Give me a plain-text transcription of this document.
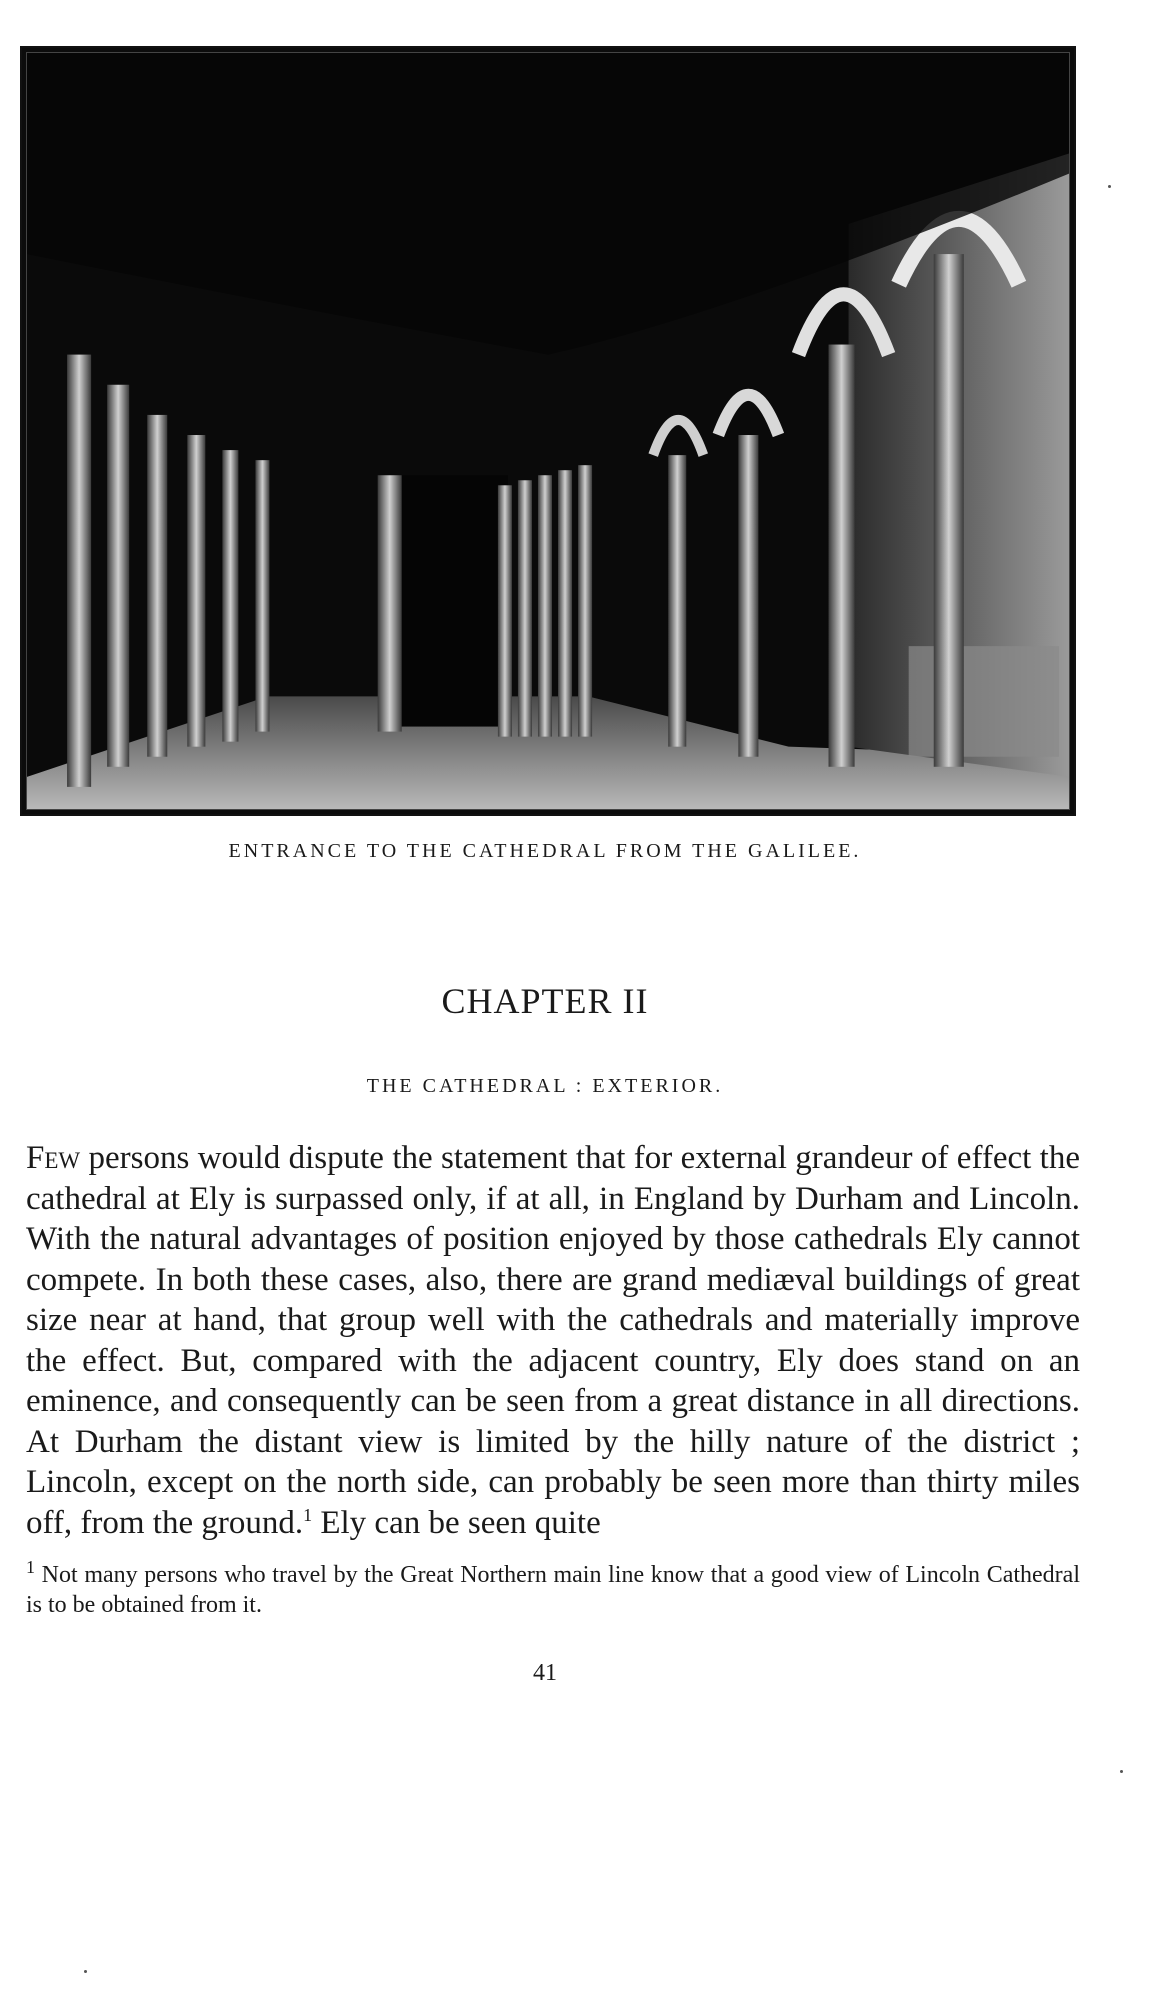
ENTRANCE TO THE CATHEDRAL FROM THE GALILEE.
CHAPTER II
THE CATHEDRAL : EXTERIOR.

Few persons would dispute the statement that for external grandeur of effect the cathedral at Ely is surpassed only, if at all, in England by Durham and Lincoln. With the natural advantages of position enjoyed by those cathedrals Ely cannot compete. In both these cases, also, there are grand mediæval buildings of great size near at hand, that group well with the cathedrals and materially improve the effect. But, compared with the adjacent country, Ely does stand on an eminence, and consequently can be seen from a great distance in all directions. At Durham the distant view is limited by the hilly nature of the district ; Lincoln, except on the north side, can probably be seen more than thirty miles off, from the ground.$^1$ Ely can be seen quite

$^1$ Not many persons who travel by the Great Northern main line know that a good view of Lincoln Cathedral is to be obtained from it.

41
